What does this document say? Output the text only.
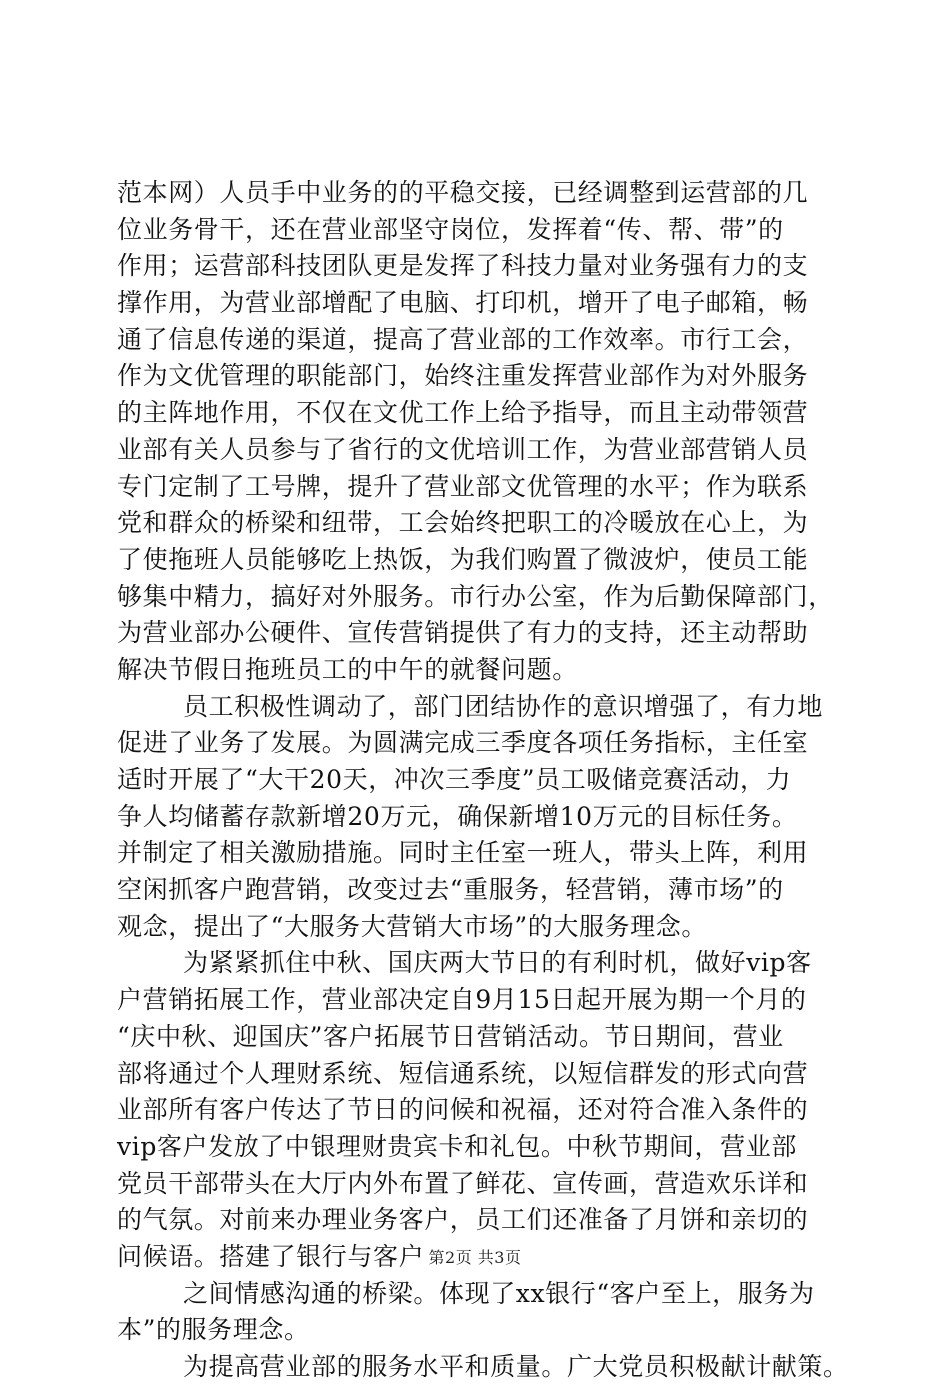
范本网）人员手中业务的的平稳交接，已经调整到运营部的几
位业务骨干，还在营业部坚守岗位，发挥着“传、帮、带”的
作用；运营部科技团队更是发挥了科技力量对业务强有力的支
撑作用，为营业部增配了电脑、打印机，增开了电子邮箱，畅
通了信息传递的渠道，提高了营业部的工作效率。市行工会，
作为文优管理的职能部门，始终注重发挥营业部作为对外服务
的主阵地作用，不仅在文优工作上给予指导，而且主动带领营
业部有关人员参与了省行的文优培训工作，为营业部营销人员
专门定制了工号牌，提升了营业部文优管理的水平；作为联系
党和群众的桥梁和纽带，工会始终把职工的冷暖放在心上，为
了使拖班人员能够吃上热饭，为我们购置了微波炉，使员工能
够集中精力，搞好对外服务。市行办公室，作为后勤保障部门，
为营业部办公硬件、宣传营销提供了有力的支持，还主动帮助
解决节假日拖班员工的中午的就餐问题。
员工积极性调动了，部门团结协作的意识增强了，有力地
促进了业务了发展。为圆满完成三季度各项任务指标，主任室
适时开展了“大干20天，冲次三季度”员工吸储竞赛活动，力
争人均储蓄存款新增20万元，确保新增10万元的目标任务。
并制定了相关激励措施。同时主任室一班人，带头上阵，利用
空闲抓客户跑营销，改变过去“重服务，轻营销，薄市场”的
观念，提出了“大服务大营销大市场”的大服务理念。
为紧紧抓住中秋、国庆两大节日的有利时机，做好vip客
户营销拓展工作，营业部决定自9月15日起开展为期一个月的
“庆中秋、迎国庆”客户拓展节日营销活动。节日期间，营业
部将通过个人理财系统、短信通系统，以短信群发的形式向营
业部所有客户传达了节日的问候和祝福，还对符合准入条件的
vip客户发放了中银理财贵宾卡和礼包。中秋节期间，营业部
党员干部带头在大厅内外布置了鲜花、宣传画，营造欢乐详和
的气氛。对前来办理业务客户，员工们还准备了月饼和亲切的
问候语。搭建了银行与客户
之间情感沟通的桥梁。体现了xx银行“客户至上，服务为
本”的服务理念。
为提高营业部的服务水平和质量。广大党员积极献计献策。
第2页 共3页
